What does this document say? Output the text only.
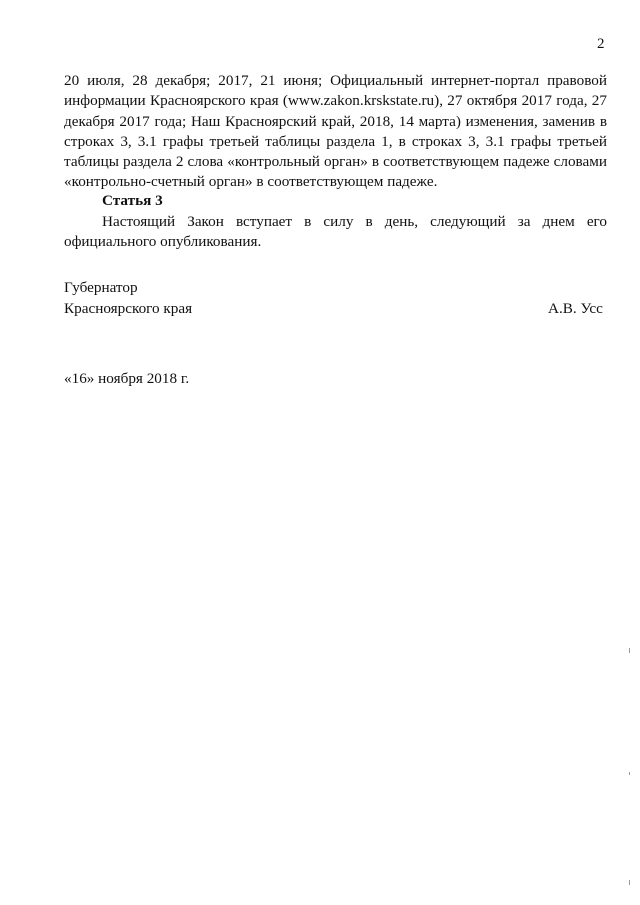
2
20 июля, 28 декабря; 2017, 21 июня; Официальный интернет-портал правовой информации Красноярского края (www.zakon.krskstate.ru), 27 октября 2017 года, 27 декабря 2017 года; Наш Красноярский край, 2018, 14 марта) изменения, заменив в строках 3, 3.1 графы третьей таблицы раздела 1, в строках 3, 3.1 графы третьей таблицы раздела 2 слова «контрольный орган» в соответствующем падеже словами «контрольно-счетный орган» в соответствующем падеже.
Статья 3
Настоящий Закон вступает в силу в день, следующий за днем его официального опубликования.
Губернатор
Красноярского края	А.В. Усс
«16» ноября 2018 г.
